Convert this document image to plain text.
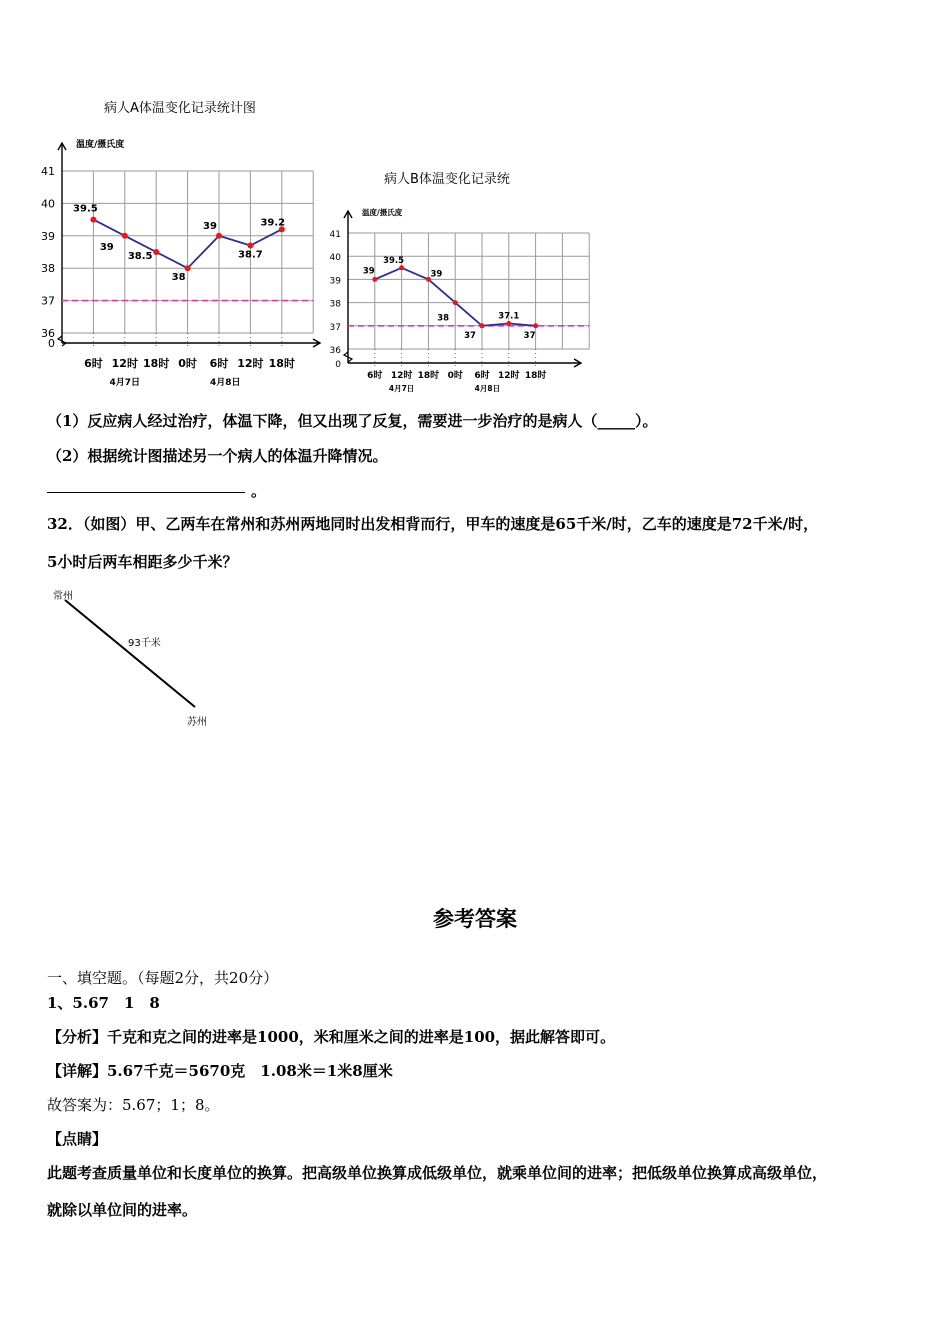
病人A体温变化记录统计图
温度/摄氏度
36
37
38
39
40
41
0
39.5
39
38.5
38
39
38.7
39.2
6时 12时 18时 0时 6时 12时 18时
4月7日	4月8日
病人B体温变化记录统
温度/摄氏度
36
37
38
39
40
41
0
39
39.5
39
38
37
37.1
37
6时 12时 18时 0时 6时 12时 18时
4月7日	4月8日
（1）反应病人经过治疗，体温下降，但又出现了反复，需要进一步治疗的是病人（_____）。
（2）根据统计图描述另一个病人的体温升降情况。
。
32．（如图）甲、乙两车在常州和苏州两地同时出发相背而行，甲车的速度是65千米/时，乙车的速度是72千米/时，
5小时后两车相距多少千米？
常州
93千米
苏州
参考答案
一、填空题。（每题2分，共20分）
1、5.67　1　8
【分析】千克和克之间的进率是1000，米和厘米之间的进率是100，据此解答即可。
【详解】5.67千克＝5670克　1.08米＝1米8厘米
故答案为：5.67；1；8。
【点睛】
此题考查质量单位和长度单位的换算。把高级单位换算成低级单位，就乘单位间的进率；把低级单位换算成高级单位，
就除以单位间的进率。
